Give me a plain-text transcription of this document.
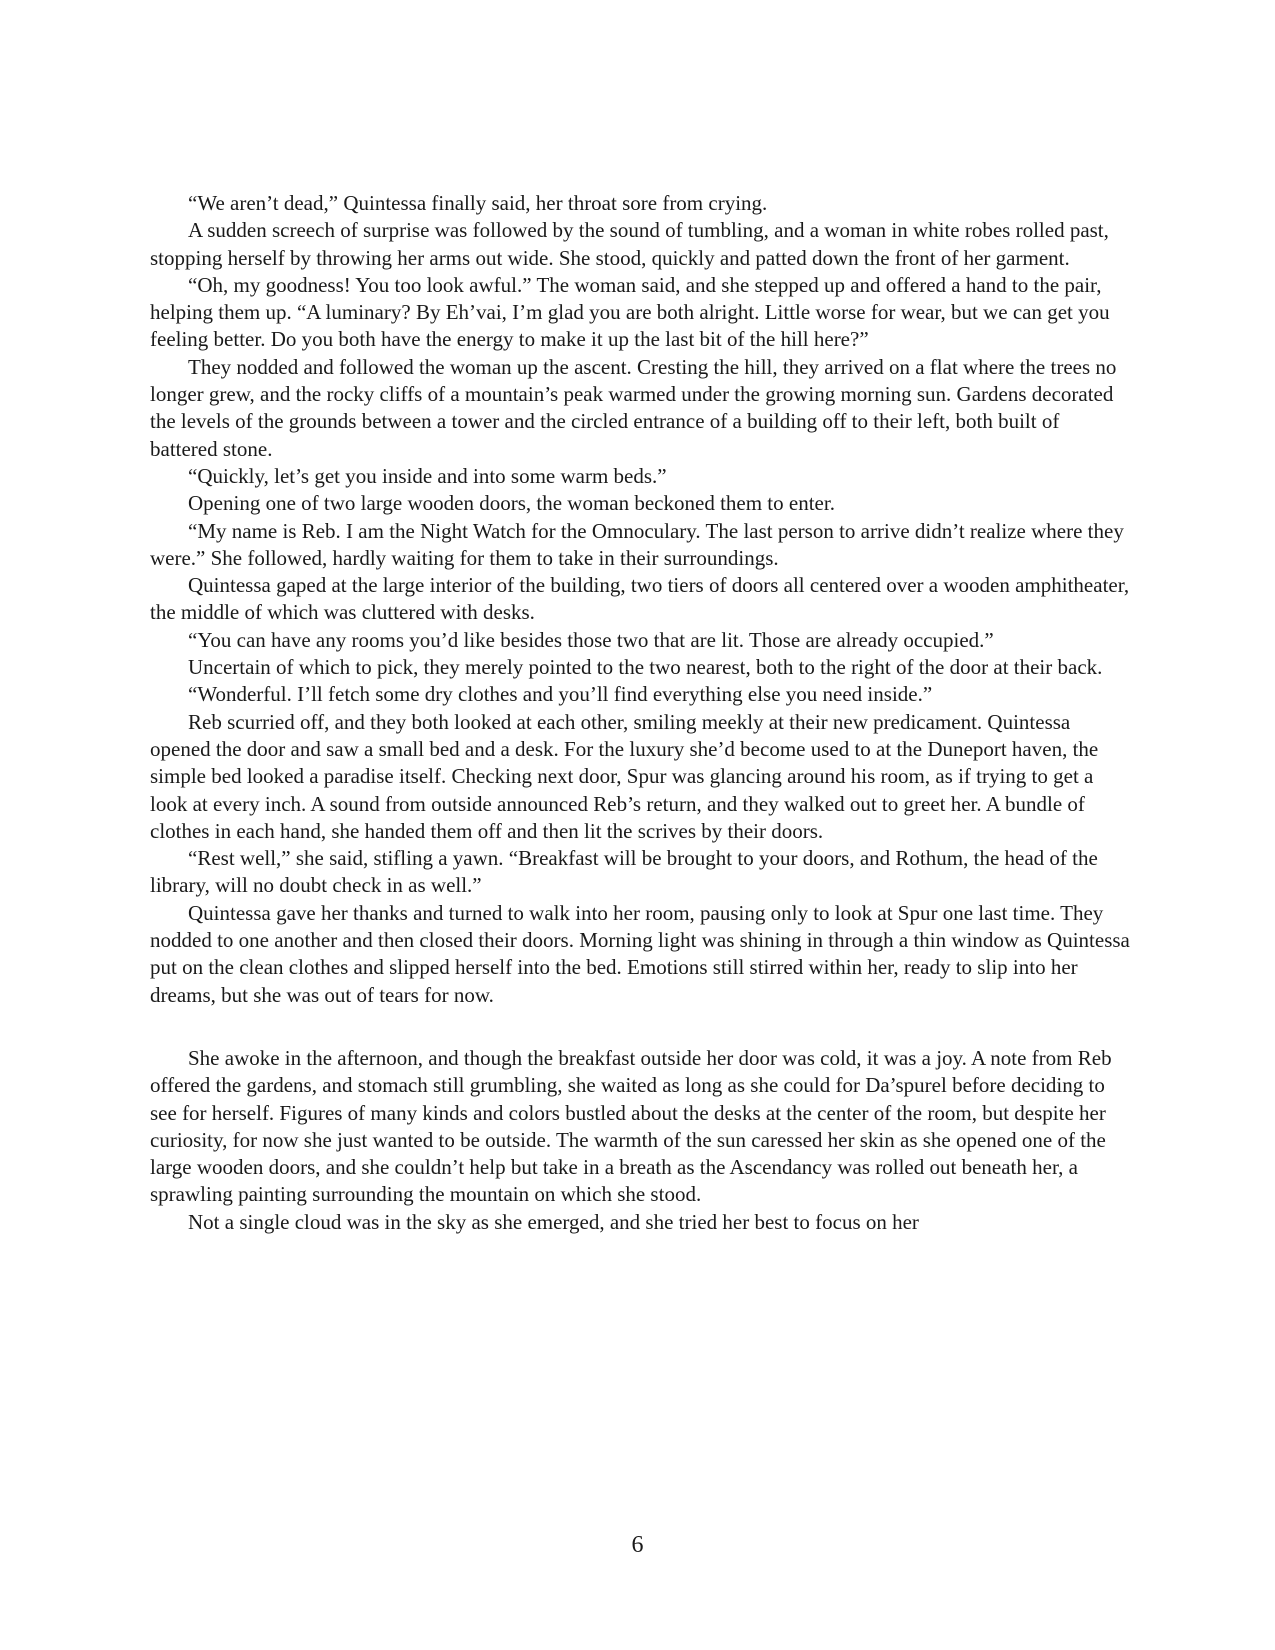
“We aren’t dead,” Quintessa finally said, her throat sore from crying.

A sudden screech of surprise was followed by the sound of tumbling, and a woman in white robes rolled past, stopping herself by throwing her arms out wide. She stood, quickly and patted down the front of her garment.

“Oh, my goodness! You too look awful.” The woman said, and she stepped up and offered a hand to the pair, helping them up. “A luminary? By Eh’vai, I’m glad you are both alright. Little worse for wear, but we can get you feeling better. Do you both have the energy to make it up the last bit of the hill here?”

They nodded and followed the woman up the ascent. Cresting the hill, they arrived on a flat where the trees no longer grew, and the rocky cliffs of a mountain’s peak warmed under the growing morning sun. Gardens decorated the levels of the grounds between a tower and the circled entrance of a building off to their left, both built of battered stone.

“Quickly, let’s get you inside and into some warm beds.”

Opening one of two large wooden doors, the woman beckoned them to enter.

“My name is Reb. I am the Night Watch for the Omnoculary. The last person to arrive didn’t realize where they were.” She followed, hardly waiting for them to take in their surroundings.

Quintessa gaped at the large interior of the building, two tiers of doors all centered over a wooden amphitheater, the middle of which was cluttered with desks.

“You can have any rooms you’d like besides those two that are lit. Those are already occupied.”

Uncertain of which to pick, they merely pointed to the two nearest, both to the right of the door at their back.

“Wonderful. I’ll fetch some dry clothes and you’ll find everything else you need inside.”

Reb scurried off, and they both looked at each other, smiling meekly at their new predicament. Quintessa opened the door and saw a small bed and a desk. For the luxury she’d become used to at the Duneport haven, the simple bed looked a paradise itself. Checking next door, Spur was glancing around his room, as if trying to get a look at every inch. A sound from outside announced Reb’s return, and they walked out to greet her. A bundle of clothes in each hand, she handed them off and then lit the scrives by their doors.

“Rest well,” she said, stifling a yawn. “Breakfast will be brought to your doors, and Rothum, the head of the library, will no doubt check in as well.”

Quintessa gave her thanks and turned to walk into her room, pausing only to look at Spur one last time. They nodded to one another and then closed their doors. Morning light was shining in through a thin window as Quintessa put on the clean clothes and slipped herself into the bed. Emotions still stirred within her, ready to slip into her dreams, but she was out of tears for now.

She awoke in the afternoon, and though the breakfast outside her door was cold, it was a joy. A note from Reb offered the gardens, and stomach still grumbling, she waited as long as she could for Da’spurel before deciding to see for herself. Figures of many kinds and colors bustled about the desks at the center of the room, but despite her curiosity, for now she just wanted to be outside. The warmth of the sun caressed her skin as she opened one of the large wooden doors, and she couldn’t help but take in a breath as the Ascendancy was rolled out beneath her, a sprawling painting surrounding the mountain on which she stood.

Not a single cloud was in the sky as she emerged, and she tried her best to focus on her

6
